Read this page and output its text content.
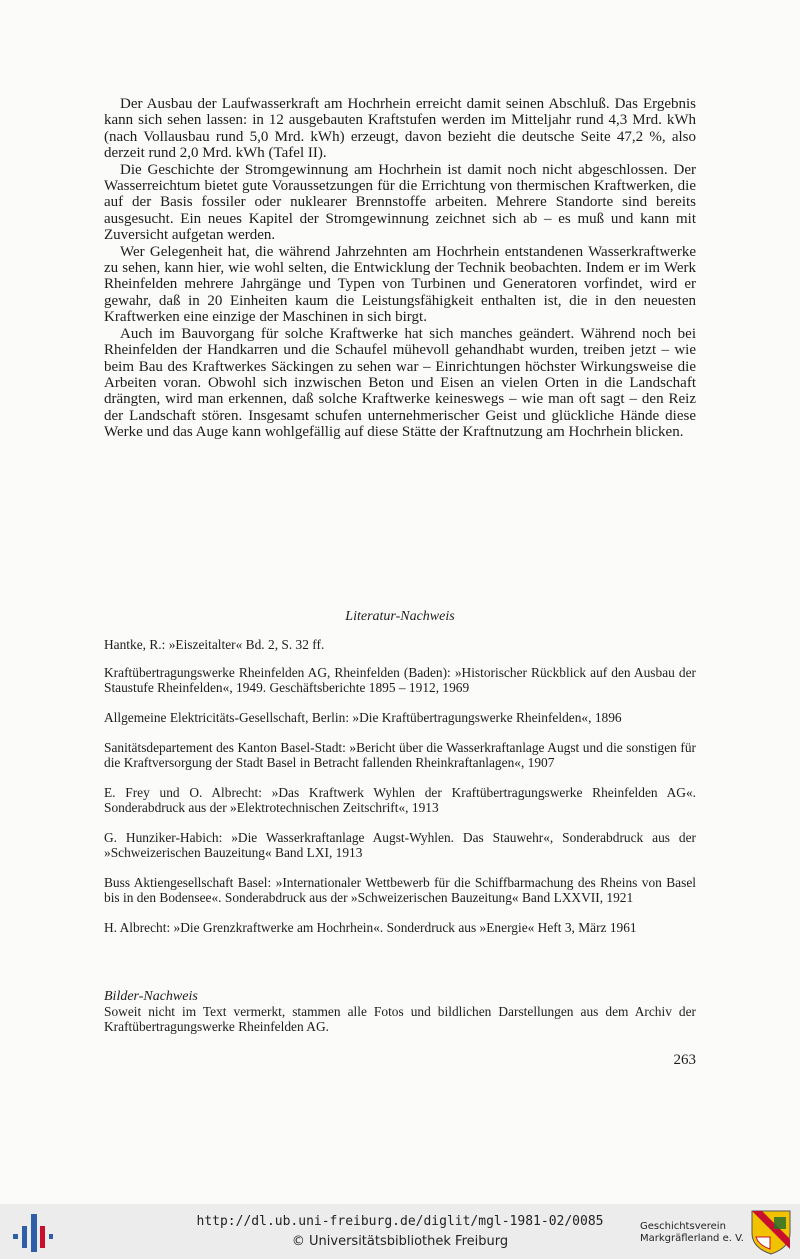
Der Ausbau der Laufwasserkraft am Hochrhein erreicht damit seinen Abschluß. Das Ergebnis kann sich sehen lassen: in 12 ausgebauten Kraftstufen werden im Mitteljahr rund 4,3 Mrd. kWh (nach Vollausbau rund 5,0 Mrd. kWh) erzeugt, davon bezieht die deutsche Seite 47,2 %, also derzeit rund 2,0 Mrd. kWh (Tafel II).

Die Geschichte der Stromgewinnung am Hochrhein ist damit noch nicht abgeschlossen. Der Wasserreichtum bietet gute Voraussetzungen für die Errichtung von thermischen Kraftwerken, die auf der Basis fossiler oder nuklearer Brennstoffe arbeiten. Mehrere Standorte sind bereits ausgesucht. Ein neues Kapitel der Stromgewinnung zeichnet sich ab – es muß und kann mit Zuversicht aufgetan werden.

Wer Gelegenheit hat, die während Jahrzehnten am Hochrhein entstandenen Wasserkraftwerke zu sehen, kann hier, wie wohl selten, die Entwicklung der Technik beobachten. Indem er im Werk Rheinfelden mehrere Jahrgänge und Typen von Turbinen und Generatoren vorfindet, wird er gewahr, daß in 20 Einheiten kaum die Leistungsfähigkeit enthalten ist, die in den neuesten Kraftwerken eine einzige der Maschinen in sich birgt.

Auch im Bauvorgang für solche Kraftwerke hat sich manches geändert. Während noch bei Rheinfelden der Handkarren und die Schaufel mühevoll gehandhabt wurden, treiben jetzt – wie beim Bau des Kraftwerkes Säckingen zu sehen war – Einrichtungen höchster Wirkungsweise die Arbeiten voran. Obwohl sich inzwischen Beton und Eisen an vielen Orten in die Landschaft drängten, wird man erkennen, daß solche Kraftwerke keineswegs – wie man oft sagt – den Reiz der Landschaft stören. Insgesamt schufen unternehmerischer Geist und glückliche Hände diese Werke und das Auge kann wohlgefällig auf diese Stätte der Kraftnutzung am Hochrhein blicken.

Literatur-Nachweis

Hantke, R.: »Eiszeitalter« Bd. 2, S. 32 ff.

Kraftübertragungswerke Rheinfelden AG, Rheinfelden (Baden): »Historischer Rückblick auf den Ausbau der Staustufe Rheinfelden«, 1949. Geschäftsberichte 1895 – 1912, 1969

Allgemeine Elektricitäts-Gesellschaft, Berlin: »Die Kraftübertragungswerke Rheinfelden«, 1896

Sanitätsdepartement des Kanton Basel-Stadt: »Bericht über die Wasserkraftanlage Augst und die sonstigen für die Kraftversorgung der Stadt Basel in Betracht fallenden Rheinkraftanlagen«, 1907

E. Frey und O. Albrecht: »Das Kraftwerk Wyhlen der Kraftübertragungswerke Rheinfelden AG«. Sonderabdruck aus der »Elektrotechnischen Zeitschrift«, 1913

G. Hunziker-Habich: »Die Wasserkraftanlage Augst-Wyhlen. Das Stauwehr«, Sonderabdruck aus der »Schweizerischen Bauzeitung« Band LXI, 1913

Buss Aktiengesellschaft Basel: »Internationaler Wettbewerb für die Schiffbarmachung des Rheins von Basel bis in den Bodensee«. Sonderabdruck aus der »Schweizerischen Bauzeitung« Band LXXVII, 1921

H. Albrecht: »Die Grenzkraftwerke am Hochrhein«. Sonderdruck aus »Energie« Heft 3, März 1961

Bilder-Nachweis
Soweit nicht im Text vermerkt, stammen alle Fotos und bildlichen Darstellungen aus dem Archiv der Kraftübertragungswerke Rheinfelden AG.
263
http://dl.ub.uni-freiburg.de/diglit/mgl-1981-02/0085
© Universitätsbibliothek Freiburg
Geschichtsverein
Markgräflerland e. V.
